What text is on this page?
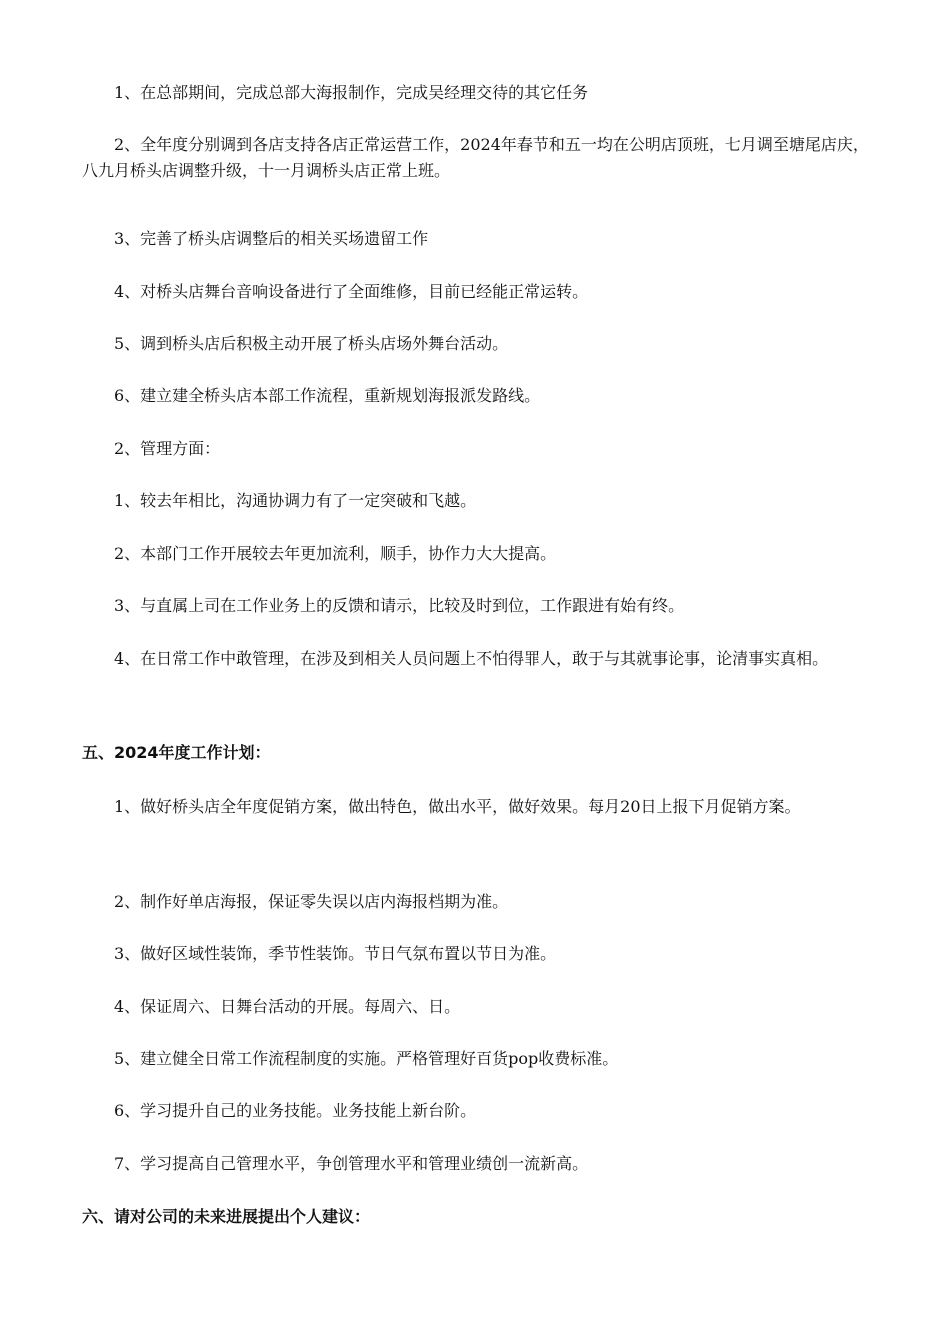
1、在总部期间，完成总部大海报制作，完成吴经理交待的其它任务

2、全年度分别调到各店支持各店正常运营工作，2024年春节和五一均在公明店顶班，七月调至塘尾店庆，八九月桥头店调整升级，十一月调桥头店正常上班。

3、完善了桥头店调整后的相关买场遗留工作

4、对桥头店舞台音响设备进行了全面维修，目前已经能正常运转。

5、调到桥头店后积极主动开展了桥头店场外舞台活动。

6、建立建全桥头店本部工作流程，重新规划海报派发路线。

2、管理方面：

1、较去年相比，沟通协调力有了一定突破和飞越。

2、本部门工作开展较去年更加流利，顺手，协作力大大提高。

3、与直属上司在工作业务上的反馈和请示，比较及时到位，工作跟进有始有终。

4、在日常工作中敢管理，在涉及到相关人员问题上不怕得罪人，敢于与其就事论事，论清事实真相。

五、2024年度工作计划：

1、做好桥头店全年度促销方案，做出特色，做出水平，做好效果。每月20日上报下月促销方案。

2、制作好单店海报，保证零失误以店内海报档期为准。

3、做好区域性装饰，季节性装饰。节日气氛布置以节日为准。

4、保证周六、日舞台活动的开展。每周六、日。

5、建立健全日常工作流程制度的实施。严格管理好百货pop收费标准。

6、学习提升自己的业务技能。业务技能上新台阶。

7、学习提高自己管理水平，争创管理水平和管理业绩创一流新高。

六、请对公司的未来进展提出个人建议：
